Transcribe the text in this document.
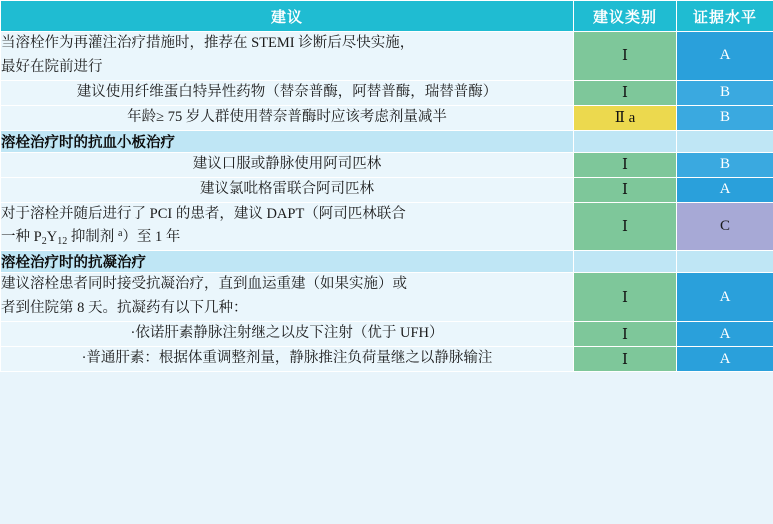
建议	建议类别	证据水平

当溶栓作为再灌注治疗措施时，推荐在 STEMI 诊断后尽快实施，
最好在院前进行	Ⅰ	A

建议使用纤维蛋白特异性药物（替奈普酶，阿替普酶，瑞替普酶）	Ⅰ	B

年龄≥ 75 岁人群使用替奈普酶时应该考虑剂量减半	Ⅱ a	B
溶栓治疗时的抗血小板治疗		

建议口服或静脉使用阿司匹林	Ⅰ	B

建议氯吡格雷联合阿司匹林	Ⅰ	A

对于溶栓并随后进行了 PCI 的患者，建议 DAPT（阿司匹林联合
一种 $P_2Y_{12}$ 抑制剂 $^a$）至 1 年	Ⅰ	C
溶栓治疗时的抗凝治疗		

建议溶栓患者同时接受抗凝治疗，直到血运重建（如果实施）或
者到住院第 8 天。抗凝药有以下几种：	Ⅰ	A

·依诺肝素静脉注射继之以皮下注射（优于 UFH）	Ⅰ	A

·普通肝素：根据体重调整剂量，静脉推注负荷量继之以静脉输注	Ⅰ	A
